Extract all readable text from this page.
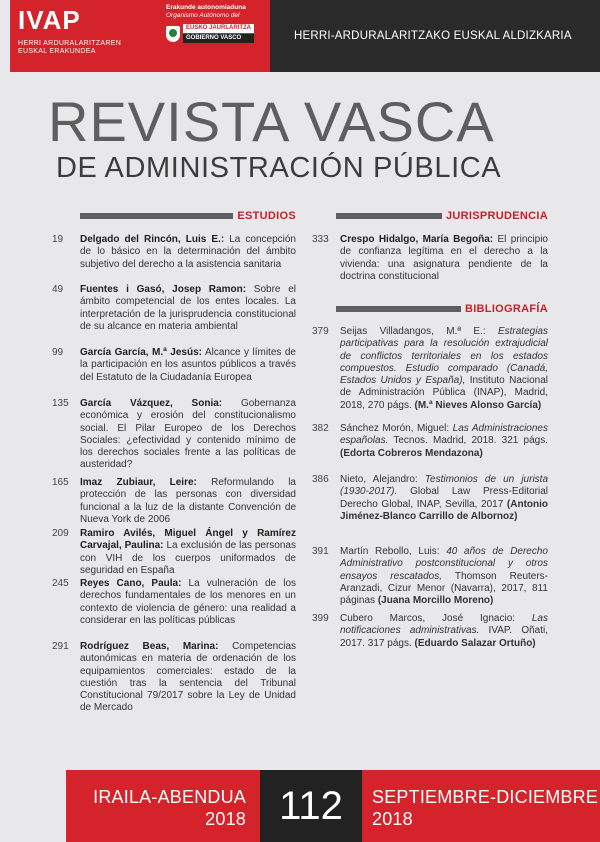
IVAP
HERRI ARDURALARITZAREN
EUSKAL ERAKUNDEA
Erakunde autonomiaduna
Organismo Autónomo del
EUSKO JAURLARITZA
GOBIERNO VASCO	HERRI-ARDURALARITZAKO EUSKAL ALDIZKARIA
REVISTA VASCA
DE ADMINISTRACIÓN PÚBLICA
ESTUDIOS	JURISPRUDENCIA
BIBLIOGRAFÍA
19	Delgado del Rincón, Luis E.: La concepción de lo básico en la determinación del ámbito subjetivo del derecho a la asistencia sanitaria
49	Fuentes i Gasó, Josep Ramon: Sobre el ámbito competencial de los entes locales. La interpretación de la jurisprudencia constitucional de su alcance en materia ambiental
99	García García, M.ª Jesús: Alcance y límites de la participación en los asuntos públicos a través del Estatuto de la Ciudadanía Europea
135	García Vázquez, Sonia: Gobernanza económica y erosión del constitucionalismo social. El Pilar Europeo de los Derechos Sociales: ¿efectividad y contenido mínimo de los derechos sociales frente a las políticas de austeridad?
165	Imaz Zubiaur, Leire: Reformulando la protección de las personas con diversidad funcional a la luz de la distante Convención de Nueva York de 2006
209	Ramiro Avilés, Miguel Ángel y Ramírez Carvajal, Paulina: La exclusión de las personas con VIH de los cuerpos uniformados de seguridad en España
245	Reyes Cano, Paula: La vulneración de los derechos fundamentales de los menores en un contexto de violencia de género: una realidad a considerar en las políticas públicas
291	Rodríguez Beas, Marina: Competencias autonómicas en materia de ordenación de los equipamientos comerciales: estado de la cuestión tras la sentencia del Tribunal Constitucional 79/2017 sobre la Ley de Unidad de Mercado
333	Crespo Hidalgo, María Begoña: El principio de confianza legítima en el derecho a la vivienda: una asignatura pendiente de la doctrina constitucional
379	Seijas Villadangos, M.ª E.: Estrategias participativas para la resolución extrajudicial de conflictos territoriales en los estados compuestos. Estudio comparado (Canadá, Estados Unidos y España), Instituto Nacional de Administración Pública (INAP), Madrid, 2018, 270 págs. (M.ª Nieves Alonso García)
382	Sánchez Morón, Miguel: Las Administraciones españolas. Tecnos. Madrid, 2018. 321 págs. (Edorta Cobreros Mendazona)
386	Nieto, Alejandro: Testimonios de un jurista (1930-2017). Global Law Press-Editorial Derecho Global, INAP, Sevilla, 2017 (Antonio Jiménez-Blanco Carrillo de Albornoz)
391	Martín Rebollo, Luis: 40 años de Derecho Administrativo postconstitucional y otros ensayos rescatados, Thomson Reuters-Aranzadi, Cizur Menor (Navarra), 2017, 811 páginas (Juana Morcillo Moreno)
399	Cubero Marcos, José Ignacio: Las notificaciones administrativas. IVAP. Oñati, 2017. 317 págs. (Eduardo Salazar Ortuño)
IRAILA-ABENDUA
2018 112	SEPTIEMBRE-DICIEMBRE
2018
